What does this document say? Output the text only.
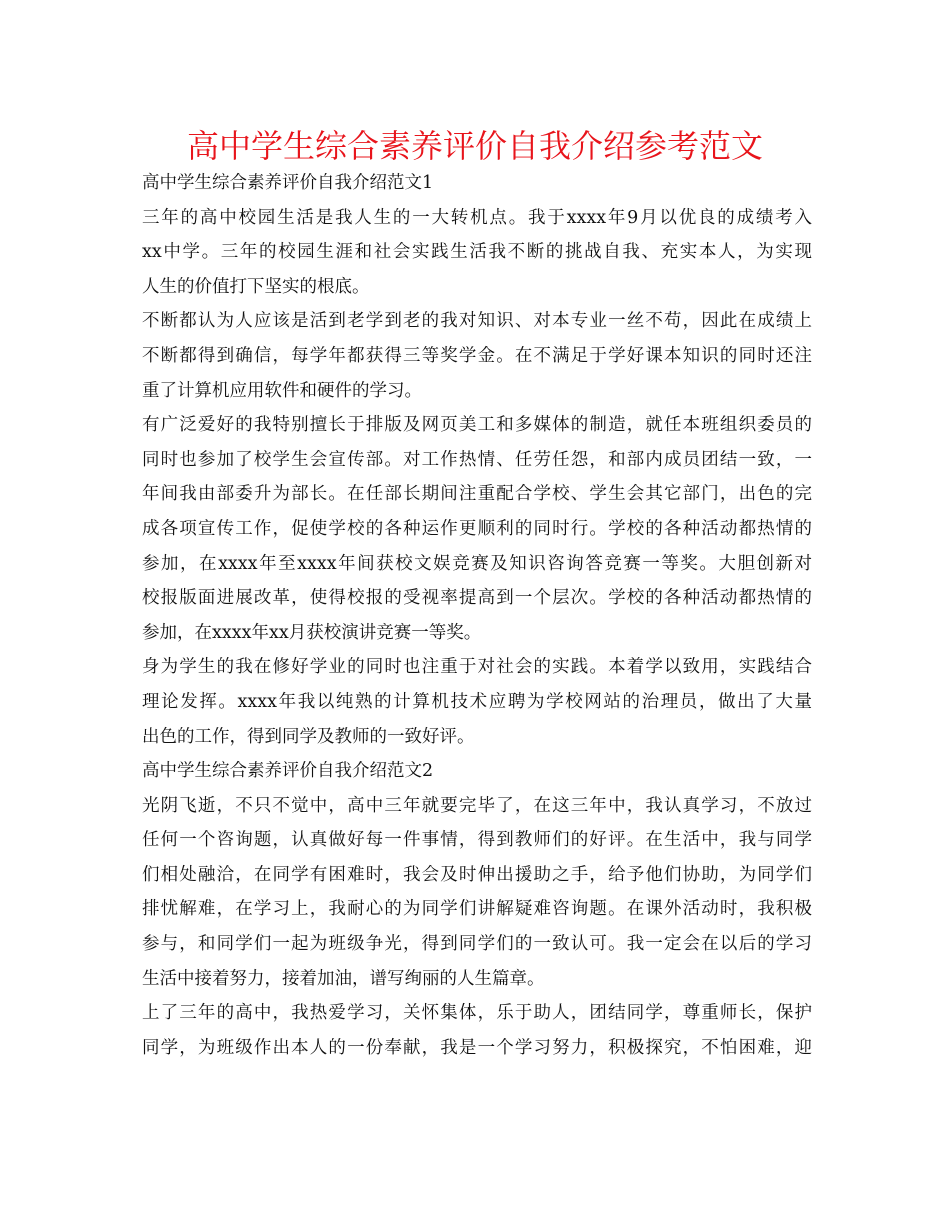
高中学生综合素养评价自我介绍参考范文
高中学生综合素养评价自我介绍范文1
三年的高中校园生活是我人生的一大转机点。我于xxxx年9月以优良的成绩考入
xx中学。三年的校园生涯和社会实践生活我不断的挑战自我、充实本人，为实现
人生的价值打下坚实的根底。
不断都认为人应该是活到老学到老的我对知识、对本专业一丝不苟，因此在成绩上
不断都得到确信，每学年都获得三等奖学金。在不满足于学好课本知识的同时还注
重了计算机应用软件和硬件的学习。
有广泛爱好的我特别擅长于排版及网页美工和多媒体的制造，就任本班组织委员的
同时也参加了校学生会宣传部。对工作热情、任劳任怨，和部内成员团结一致，一
年间我由部委升为部长。在任部长期间注重配合学校、学生会其它部门，出色的完
成各项宣传工作，促使学校的各种运作更顺利的同时行。学校的各种活动都热情的
参加，在xxxx年至xxxx年间获校文娱竞赛及知识咨询答竞赛一等奖。大胆创新对
校报版面进展改革，使得校报的受视率提高到一个层次。学校的各种活动都热情的
参加，在xxxx年xx月获校演讲竞赛一等奖。
身为学生的我在修好学业的同时也注重于对社会的实践。本着学以致用，实践结合
理论发挥。xxxx年我以纯熟的计算机技术应聘为学校网站的治理员，做出了大量
出色的工作，得到同学及教师的一致好评。
高中学生综合素养评价自我介绍范文2
光阴飞逝，不只不觉中，高中三年就要完毕了，在这三年中，我认真学习，不放过
任何一个咨询题，认真做好每一件事情，得到教师们的好评。在生活中，我与同学
们相处融洽，在同学有困难时，我会及时伸出援助之手，给予他们协助，为同学们
排忧解难，在学习上，我耐心的为同学们讲解疑难咨询题。在课外活动时，我积极
参与，和同学们一起为班级争光，得到同学们的一致认可。我一定会在以后的学习
生活中接着努力，接着加油，谱写绚丽的人生篇章。
上了三年的高中，我热爱学习，关怀集体，乐于助人，团结同学，尊重师长，保护
同学，为班级作出本人的一份奉献，我是一个学习努力，积极探究，不怕困难，迎
